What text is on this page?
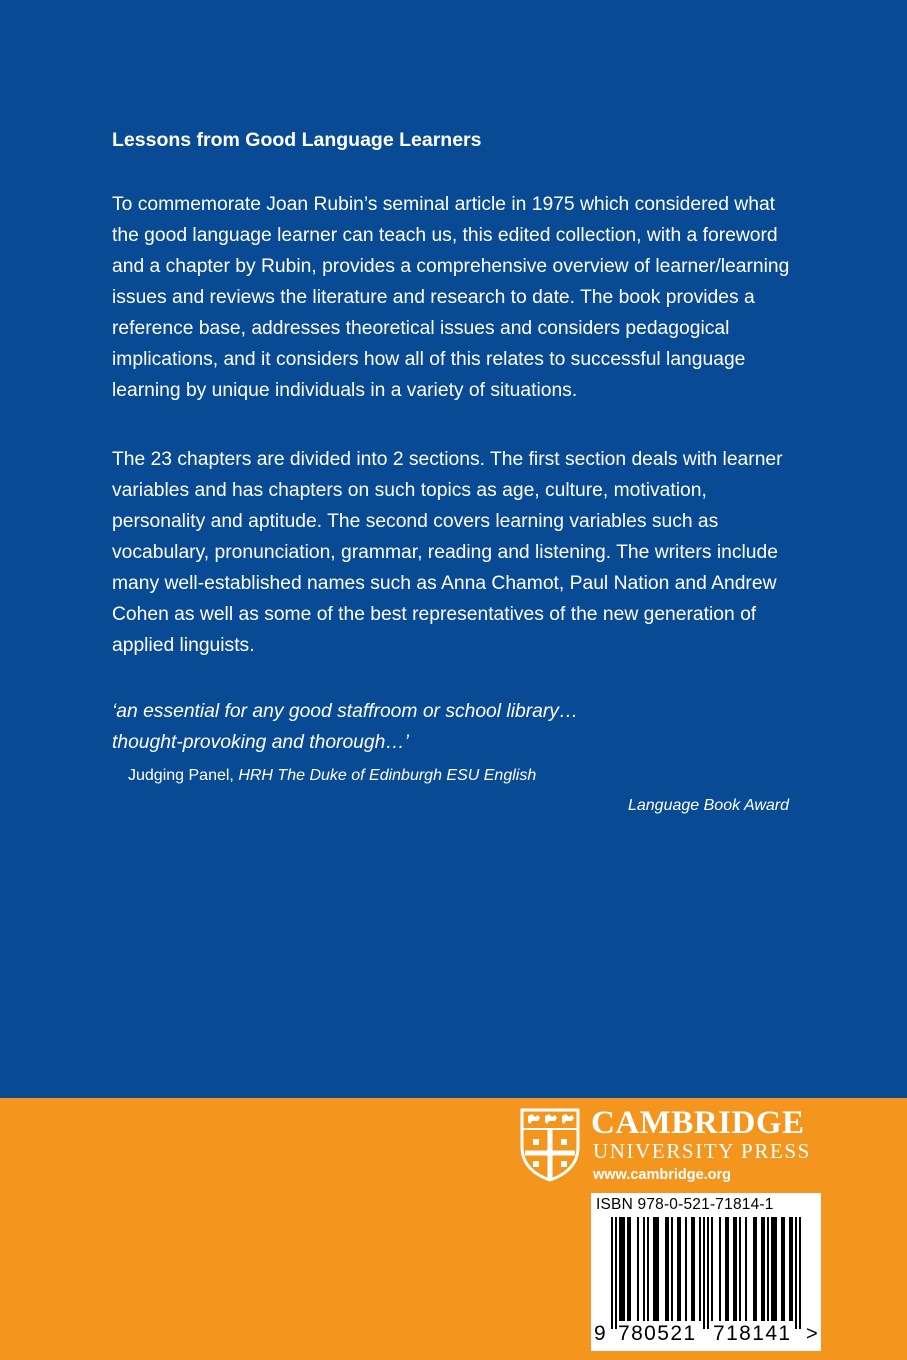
Lessons from Good Language Learners

To commemorate Joan Rubin’s seminal article in 1975 which considered what the good language learner can teach us, this edited collection, with a foreword and a chapter by Rubin, provides a comprehensive overview of learner/learning issues and reviews the literature and research to date. The book provides a reference base, addresses theoretical issues and considers pedagogical implications, and it considers how all of this relates to successful language learning by unique individuals in a variety of situations.

The 23 chapters are divided into 2 sections. The first section deals with learner variables and has chapters on such topics as age, culture, motivation, personality and aptitude. The second covers learning variables such as vocabulary, pronunciation, grammar, reading and listening. The writers include many well-established names such as Anna Chamot, Paul Nation and Andrew Cohen as well as some of the best representatives of the new generation of applied linguists.

‘an essential for any good staffroom or school library…
thought-provoking and thorough…’
Judging Panel, HRH The Duke of Edinburgh ESU English
Language Book Award
CAMBRIDGE
UNIVERSITY PRESS
www.cambridge.org
ISBN 978-0-521-71814-1
9 780521 718141 >
